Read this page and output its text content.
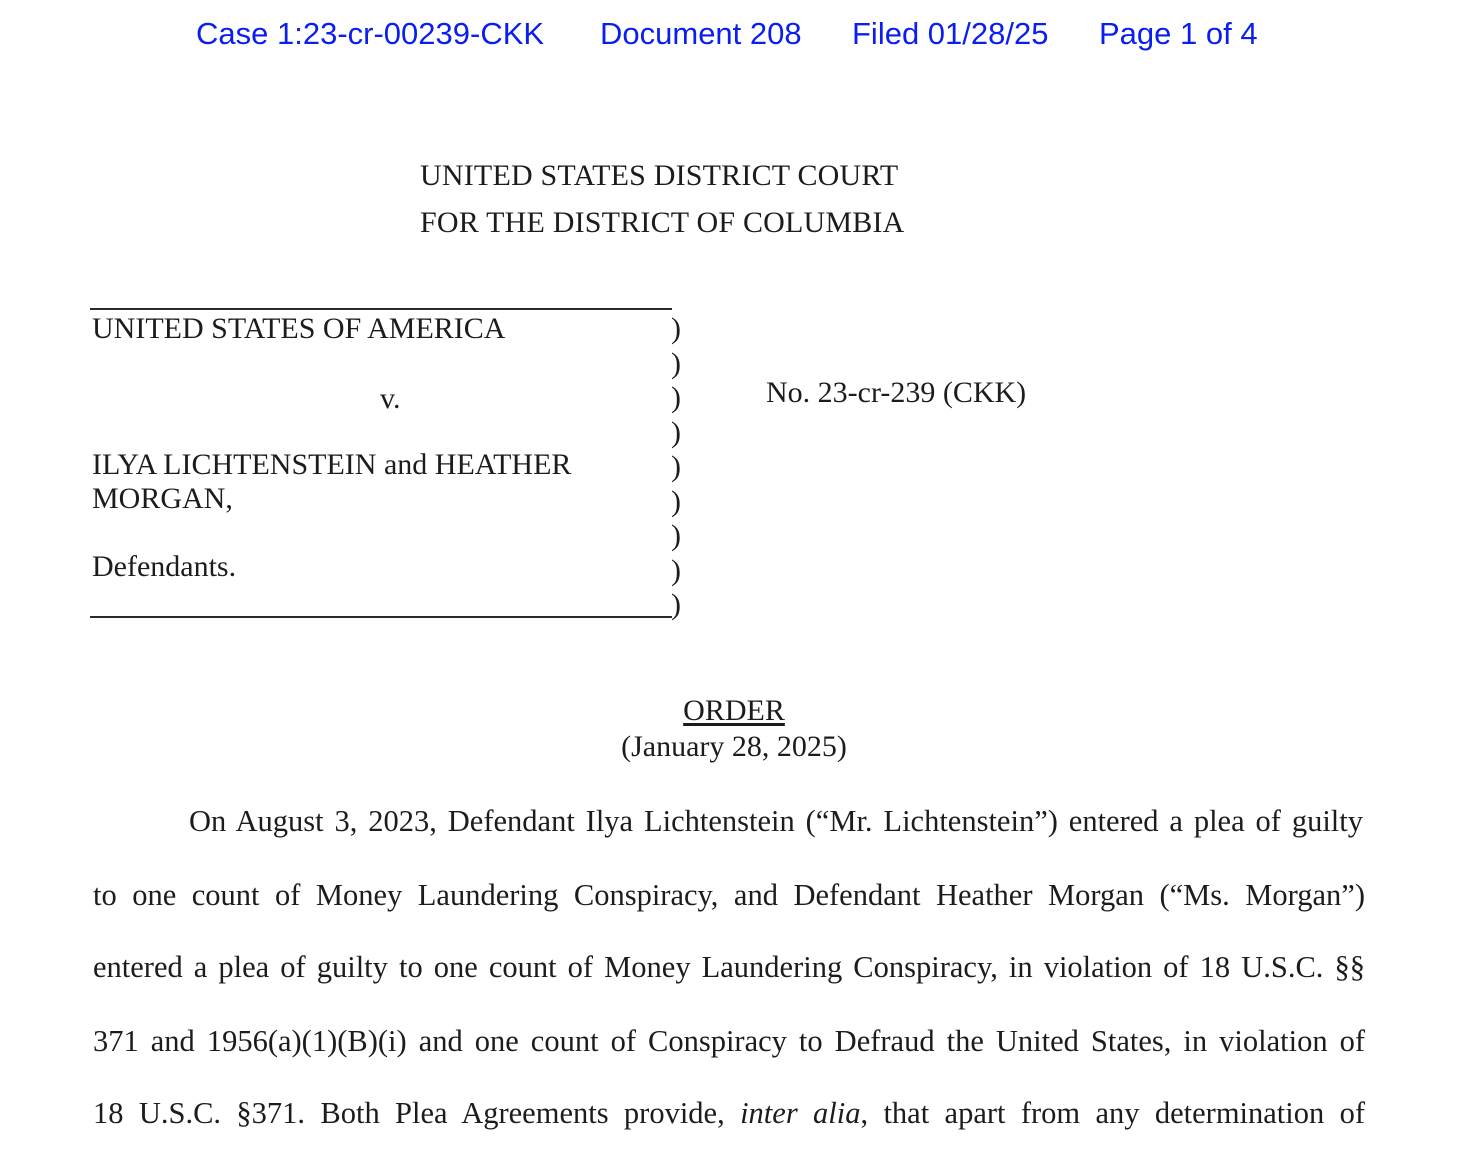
Case 1:23-cr-00239-CKK Document 208 Filed 01/28/25 Page 1 of 4
UNITED STATES DISTRICT COURT
FOR THE DISTRICT OF COLUMBIA
UNITED STATES OF AMERICA
v.
ILYA LICHTENSTEIN and HEATHER
MORGAN,
Defendants.
)
)
)
)
)
)
)
)
)
No. 23-cr-239 (CKK)
ORDER
(January 28, 2025)
On August 3, 2023, Defendant Ilya Lichtenstein (“Mr. Lichtenstein”) entered a plea of guilty
to one count of Money Laundering Conspiracy, and Defendant Heather Morgan (“Ms. Morgan”)
entered a plea of guilty to one count of Money Laundering Conspiracy, in violation of 18 U.S.C. §§
371 and 1956(a)(1)(B)(i) and one count of Conspiracy to Defraud the United States, in violation of
18 U.S.C. §371. Both Plea Agreements provide, inter alia, that apart from any determination of
